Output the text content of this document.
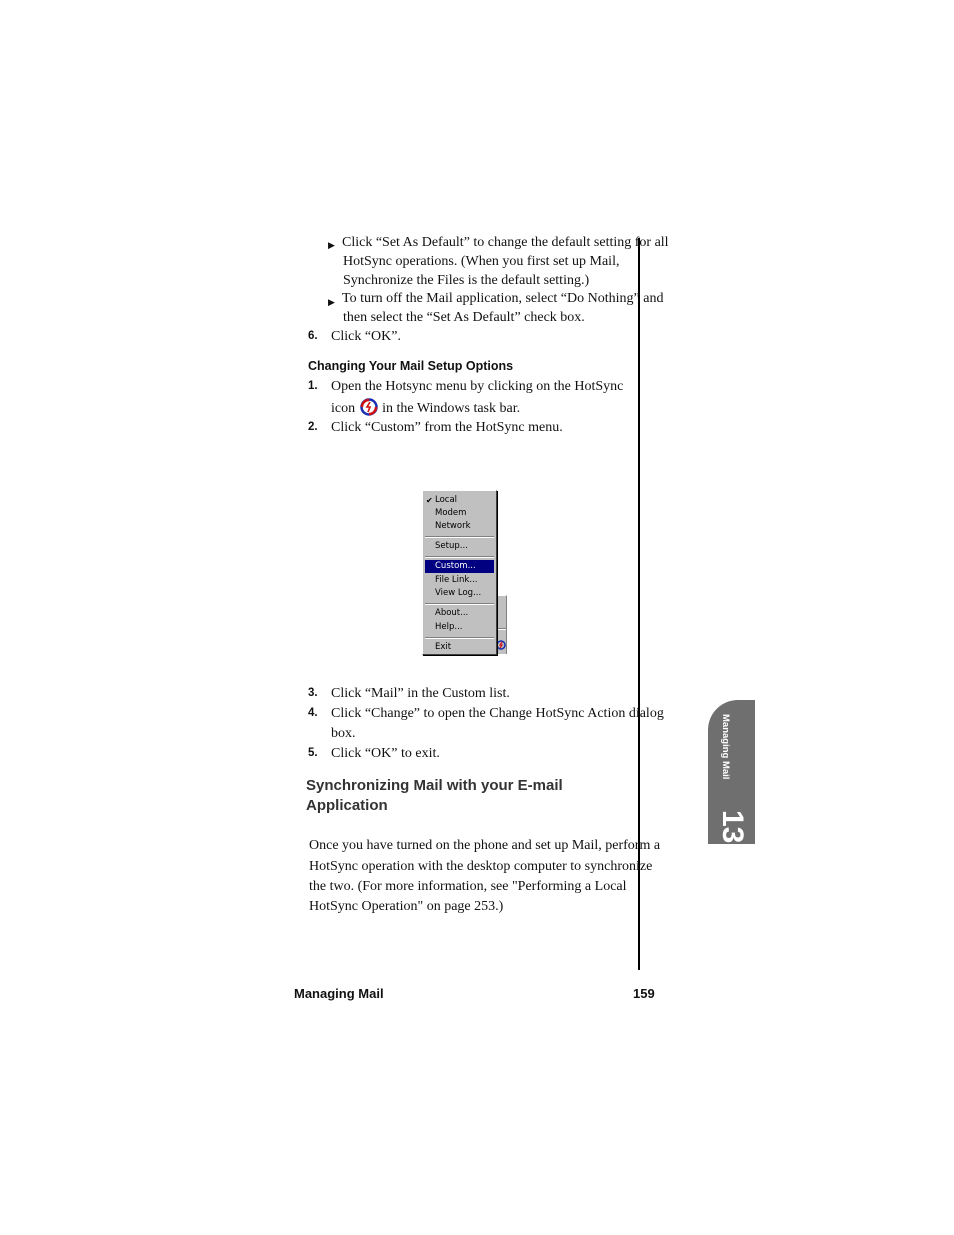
▶ Click “Set As Default” to change the default setting for all
HotSync operations. (When you first set up Mail,
Synchronize the Files is the default setting.)
▶ To turn off the Mail application, select “Do Nothing” and
then select the “Set As Default” check box.
6. Click “OK”.
Changing Your Mail Setup Options
1. Open the Hotsync menu by clicking on the HotSync
icon in the Windows task bar.
2. Click “Custom” from the HotSync menu.
✔ Local
Modem
Network
Setup...
Custom...
File Link...
View Log...
About...
Help...
Exit
3. Click “Mail” in the Custom list.
4. Click “Change” to open the Change HotSync Action dialog
box.
5. Click “OK” to exit.
Synchronizing Mail with your E-mail
Application
Once you have turned on the phone and set up Mail, perform a
HotSync operation with the desktop computer to synchronize
the two. (For more information, see "Performing a Local
HotSync Operation" on page 253.)
Managing Mail
13
Managing Mail	159
